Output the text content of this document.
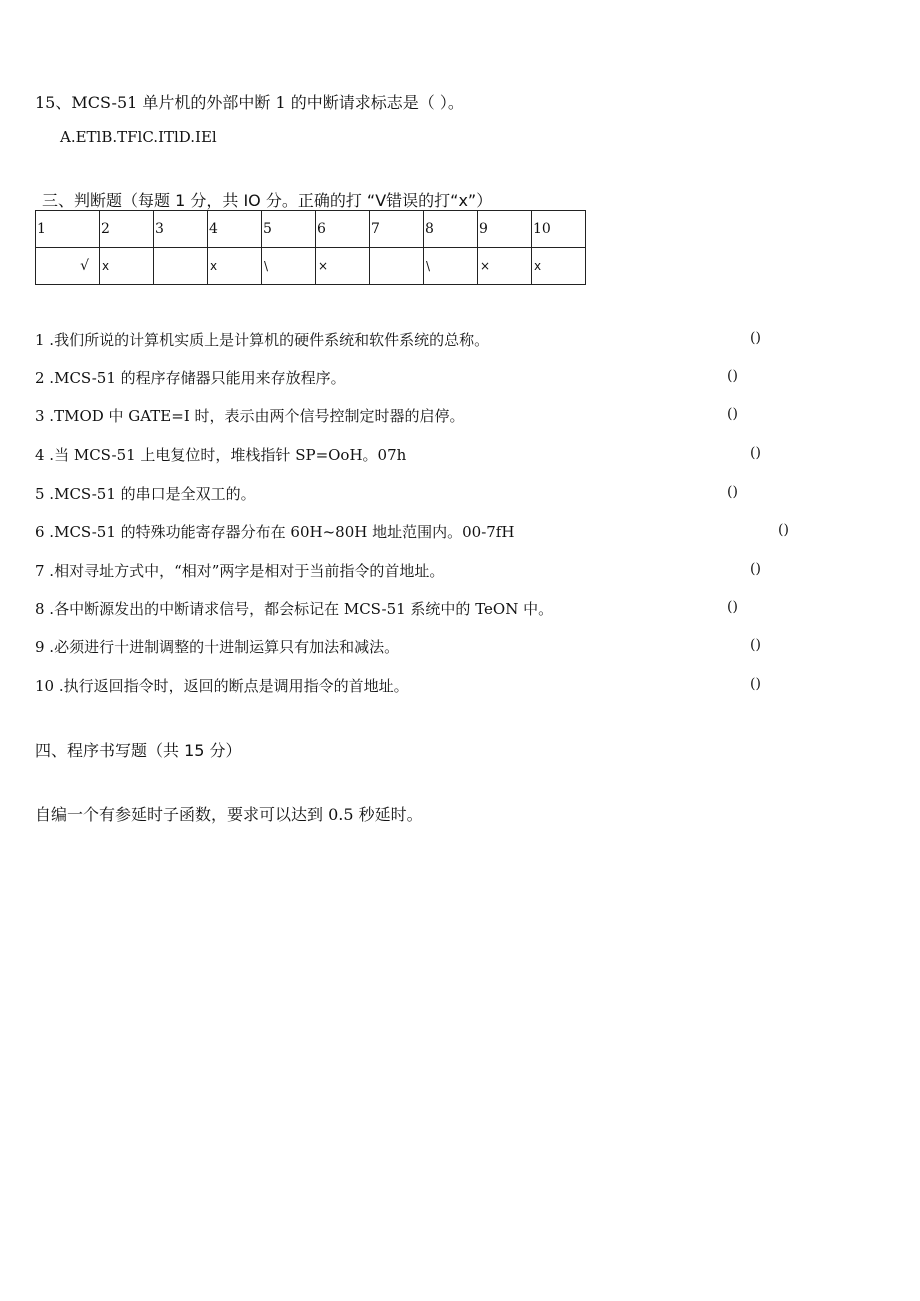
15、MCS-51 单片机的外部中断 1 的中断请求标志是（ ）。
A.ETlB.TFlC.ITlD.IEl
三、判断题（每题 1 分，共 IO 分。正确的打 “V错误的打“x”）
1	2	3	4	5	6	7	8	9	10
√	x		x	\	×		\	×	x
1 .我们所说的计算机实质上是计算机的硬件系统和软件系统的总称。	()
2 .MCS-51 的程序存储器只能用来存放程序。	()
3 .TMOD 中 GATE=I 时，表示由两个信号控制定时器的启停。	()
4 .当 MCS-51 上电复位时，堆栈指针 SP=OoH。07h	()
5 .MCS-51 的串口是全双工的。	()
6 .MCS-51 的特殊功能寄存器分布在 60H~80H 地址范围内。00-7fH	()
7 .相对寻址方式中，“相对”两字是相对于当前指令的首地址。	()
8 .各中断源发出的中断请求信号，都会标记在 MCS-51 系统中的 TeON 中。	()
9 .必须进行十进制调整的十进制运算只有加法和减法。	()
10 .执行返回指令时，返回的断点是调用指令的首地址。	()
四、程序书写题（共 15 分）
自编一个有参延时子函数，要求可以达到 0.5 秒延时。
